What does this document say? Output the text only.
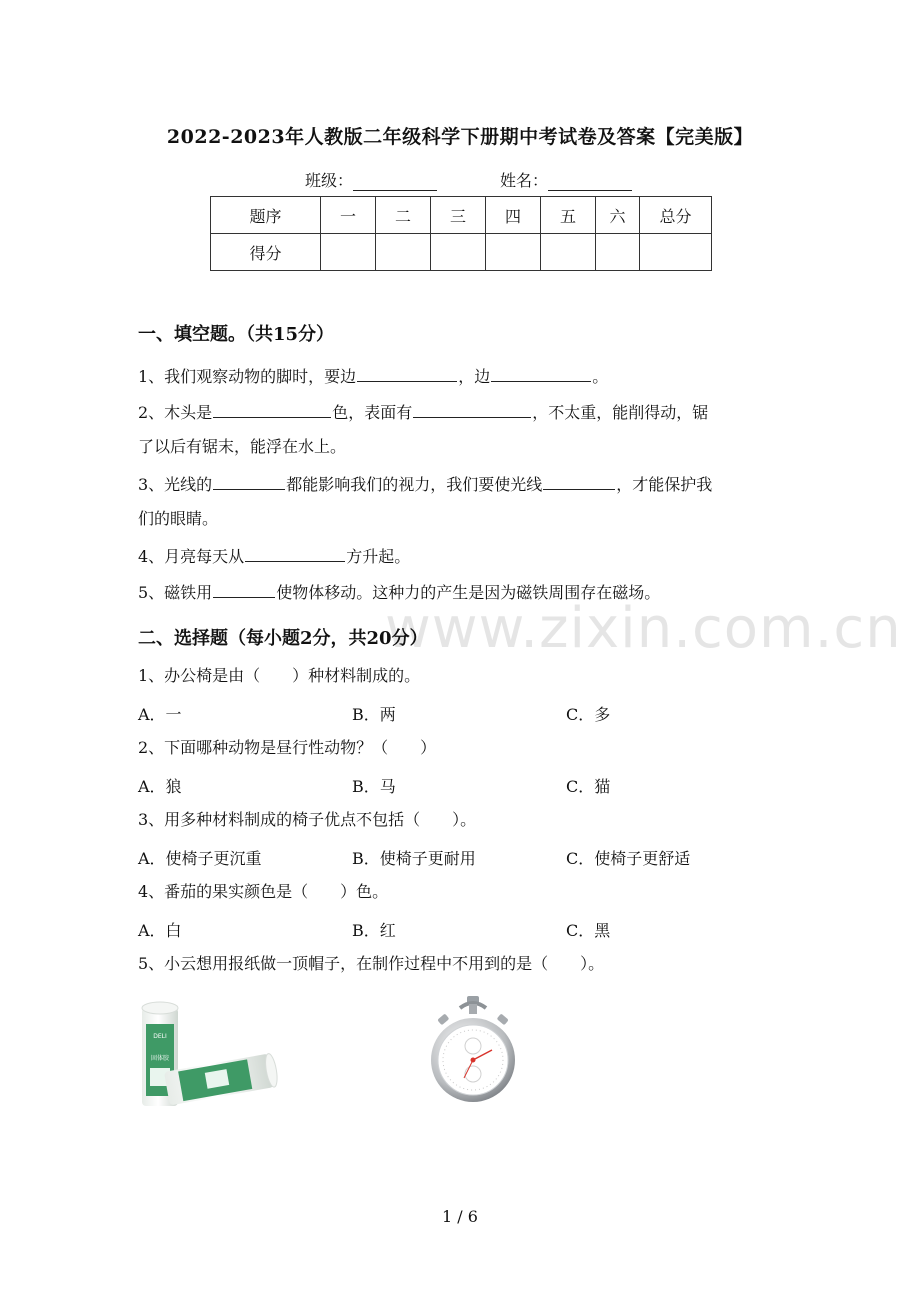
2022-2023年人教版二年级科学下册期中考试卷及答案【完美版】
班级：	姓名：
题序	一	二	三	四	五	六	总分
得分							
一、填空题。（共15分）
1、我们观察动物的脚时，要边	，边	。
2、木头是	色，表面有	，不太重，能削得动，锯
了以后有锯末，能浮在水上。
3、光线的	都能影响我们的视力，我们要使光线	，才能保护我
们的眼睛。
4、月亮每天从	方升起。
5、磁铁用	使物体移动。这种力的产生是因为磁铁周围存在磁场。
www.zixin.com.cn
二、选择题（每小题2分，共20分）
1、办公椅是由（　　）种材料制成的。
A．一	B．两	C．多
2、下面哪种动物是昼行性动物？（　　）
A．狼	B．马	C．猫
3、用多种材料制成的椅子优点不包括（　　）。
A．使椅子更沉重	B．使椅子更耐用	C．使椅子更舒适
4、番茄的果实颜色是（　　）色。
A．白	B．红	C．黑
5、小云想用报纸做一顶帽子，在制作过程中不用到的是（　　）。
DELI
固体胶
1 / 6
